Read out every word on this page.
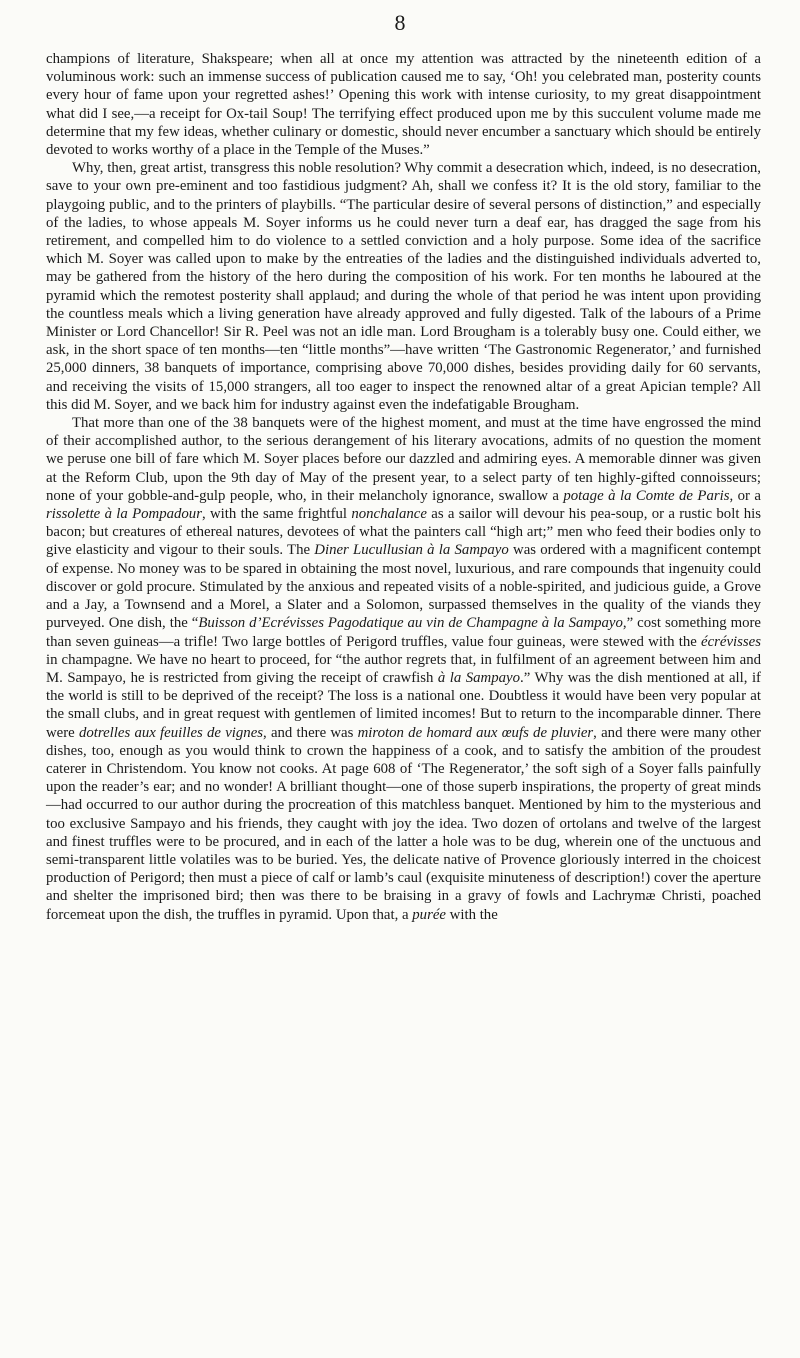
8

champions of literature, Shakspeare; when all at once my attention was attracted by the nineteenth edition of a voluminous work: such an immense success of publication caused me to say, ‘Oh! you celebrated man, posterity counts every hour of fame upon your regretted ashes!’ Opening this work with intense curiosity, to my great disappointment what did I see,—a receipt for Ox-tail Soup! The terrifying effect produced upon me by this succulent volume made me determine that my few ideas, whether culinary or domestic, should never encumber a sanctuary which should be entirely devoted to works worthy of a place in the Temple of the Muses.”

Why, then, great artist, transgress this noble resolution? Why commit a desecration which, indeed, is no desecration, save to your own pre-eminent and too fastidious judgment? Ah, shall we confess it? It is the old story, familiar to the playgoing public, and to the printers of playbills. “The particular desire of several persons of distinction,” and especially of the ladies, to whose appeals M. Soyer informs us he could never turn a deaf ear, has dragged the sage from his retirement, and compelled him to do violence to a settled conviction and a holy purpose. Some idea of the sacrifice which M. Soyer was called upon to make by the entreaties of the ladies and the distinguished individuals adverted to, may be gathered from the history of the hero during the composition of his work. For ten months he laboured at the pyramid which the remotest posterity shall applaud; and during the whole of that period he was intent upon providing the countless meals which a living generation have already approved and fully digested. Talk of the labours of a Prime Minister or Lord Chancellor! Sir R. Peel was not an idle man. Lord Brougham is a tolerably busy one. Could either, we ask, in the short space of ten months—ten “little months”—have written ‘The Gastronomic Regenerator,’ and furnished 25,000 dinners, 38 banquets of importance, comprising above 70,000 dishes, besides providing daily for 60 servants, and receiving the visits of 15,000 strangers, all too eager to inspect the renowned altar of a great Apician temple? All this did M. Soyer, and we back him for industry against even the indefatigable Brougham.

That more than one of the 38 banquets were of the highest moment, and must at the time have engrossed the mind of their accomplished author, to the serious derangement of his literary avocations, admits of no question the moment we peruse one bill of fare which M. Soyer places before our dazzled and admiring eyes. A memorable dinner was given at the Reform Club, upon the 9th day of May of the present year, to a select party of ten highly-gifted connoisseurs; none of your gobble-and-gulp people, who, in their melancholy ignorance, swallow a potage à la Comte de Paris, or a rissolette à la Pompadour, with the same frightful nonchalance as a sailor will devour his pea-soup, or a rustic bolt his bacon; but creatures of ethereal natures, devotees of what the painters call “high art;” men who feed their bodies only to give elasticity and vigour to their souls. The Diner Lucullusian à la Sampayo was ordered with a magnificent contempt of expense. No money was to be spared in obtaining the most novel, luxurious, and rare compounds that ingenuity could discover or gold procure. Stimulated by the anxious and repeated visits of a noble-spirited, and judicious guide, a Grove and a Jay, a Townsend and a Morel, a Slater and a Solomon, surpassed themselves in the quality of the viands they purveyed. One dish, the “Buisson d’Ecrévisses Pagodatique au vin de Champagne à la Sampayo,” cost something more than seven guineas—a trifle! Two large bottles of Perigord truffles, value four guineas, were stewed with the écrévisses in champagne. We have no heart to proceed, for “the author regrets that, in fulfilment of an agreement between him and M. Sampayo, he is restricted from giving the receipt of crawfish à la Sampayo.” Why was the dish mentioned at all, if the world is still to be deprived of the receipt? The loss is a national one. Doubtless it would have been very popular at the small clubs, and in great request with gentlemen of limited incomes! But to return to the incomparable dinner. There were dotrelles aux feuilles de vignes, and there was miroton de homard aux œufs de pluvier, and there were many other dishes, too, enough as you would think to crown the happiness of a cook, and to satisfy the ambition of the proudest caterer in Christendom. You know not cooks. At page 608 of ‘The Regenerator,’ the soft sigh of a Soyer falls painfully upon the reader’s ear; and no wonder! A brilliant thought—one of those superb inspirations, the property of great minds—had occurred to our author during the procreation of this matchless banquet. Mentioned by him to the mysterious and too exclusive Sampayo and his friends, they caught with joy the idea. Two dozen of ortolans and twelve of the largest and finest truffles were to be procured, and in each of the latter a hole was to be dug, wherein one of the unctuous and semi-transparent little volatiles was to be buried. Yes, the delicate native of Provence gloriously interred in the choicest production of Perigord; then must a piece of calf or lamb’s caul (exquisite minuteness of description!) cover the aperture and shelter the imprisoned bird; then was there to be braising in a gravy of fowls and Lachrymæ Christi, poached forcemeat upon the dish, the truffles in pyramid. Upon that, a purée with the
